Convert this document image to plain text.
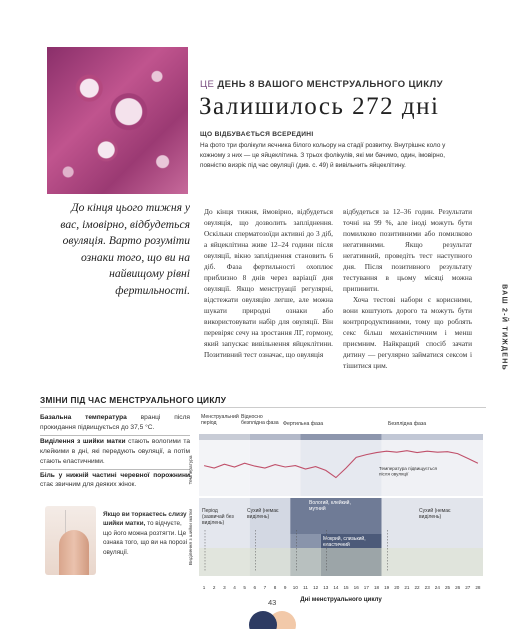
ЦЕ ДЕНЬ 8 ВАШОГО МЕНСТРУАЛЬНОГО ЦИКЛУ
Залишилось 272 дні
ЩО ВІДБУВАЄТЬСЯ ВСЕРЕДИНІ
На фото три фолікули яєчника білого кольору на стадії розвитку. Внутрішнє коло у кожному з них — це яйцеклітина. З трьох фолікулів, які ми бачимо, один, імовірно, повністю визріє під час овуляції (див. с. 49) й вивільнить яйцеклітину.
До кінця цього тижня у вас, імовірно, відбудеться овуляція. Варто розуміти ознаки того, що ви на найвищому рівні фертильності.

До кінця тижня, ймовірно, відбудеться овуляція, що дозволить запліднення. Оскільки сперматозоїди активні до 3 діб, а яйцеклітина живе 12–24 години після овуляції, вікно запліднення становить 6 діб. Фаза фертильності охоплює приблизно 8 днів через варіації дня овуляції. Якщо менструації регулярні, відстежати овуляцію легше, але можна шукати природні ознаки або використовувати набір для овуляції. Він перевіряє сечу на зростання ЛГ, гормону, який запускає вивільнення яйцеклітини. Позитивний тест означає, що овуляція

відбудеться за 12–36 годин. Результати точні на 99 %, але іноді можуть бути помилково позитивними або помилково негативними. Якщо результат негативний, проведіть тест наступного дня. Після позитивного результату тестування в цьому місяці можна припинити.

Хоча тестові набори є корисними, вони коштують дорого та можуть бути контрпродуктивними, тому що роблять секс більш механістичним і менш приємним. Найкращий спосіб зачати дитину — регулярно займатися сексом і тішитися цим.	ВАШ 2-Й ТИЖДЕНЬ
ЗМІНИ ПІД ЧАС МЕНСТРУАЛЬНОГО ЦИКЛУ

Базальна температура вранці після прокидання підвищується до 37,5 °С.

Виділення з шийки матки стають вологими та клейкими в дні, які передують овуляції, а потім стають еластичними.

Біль у нижній частині черевної порожнини стає звичним для деяких жінок.

Якщо ви торкаєтесь слизу шийки матки, то відчуєте, що його можна розтягти. Це ознака того, що ви на порозі овуляції.
Температура
Виділення з шийки матки
Менструальний
період
Відносно
безплідна фаза Фертильна фаза	Безплідна фаза
Температура підвищується
після овуляції
Період
(зазвичай без
виділень)
Сухий (немає
виділень)
Вологий, клейкий,
мутний
Мокрий, слизький,
еластичний
Сухий (немає
виділень)
1 2 3 4 5 6 7 8 9 10 11 12 13 14 15 16 17 18 19 20 21 22 23 24 25 26 27 28
Дні менструального циклу
43
